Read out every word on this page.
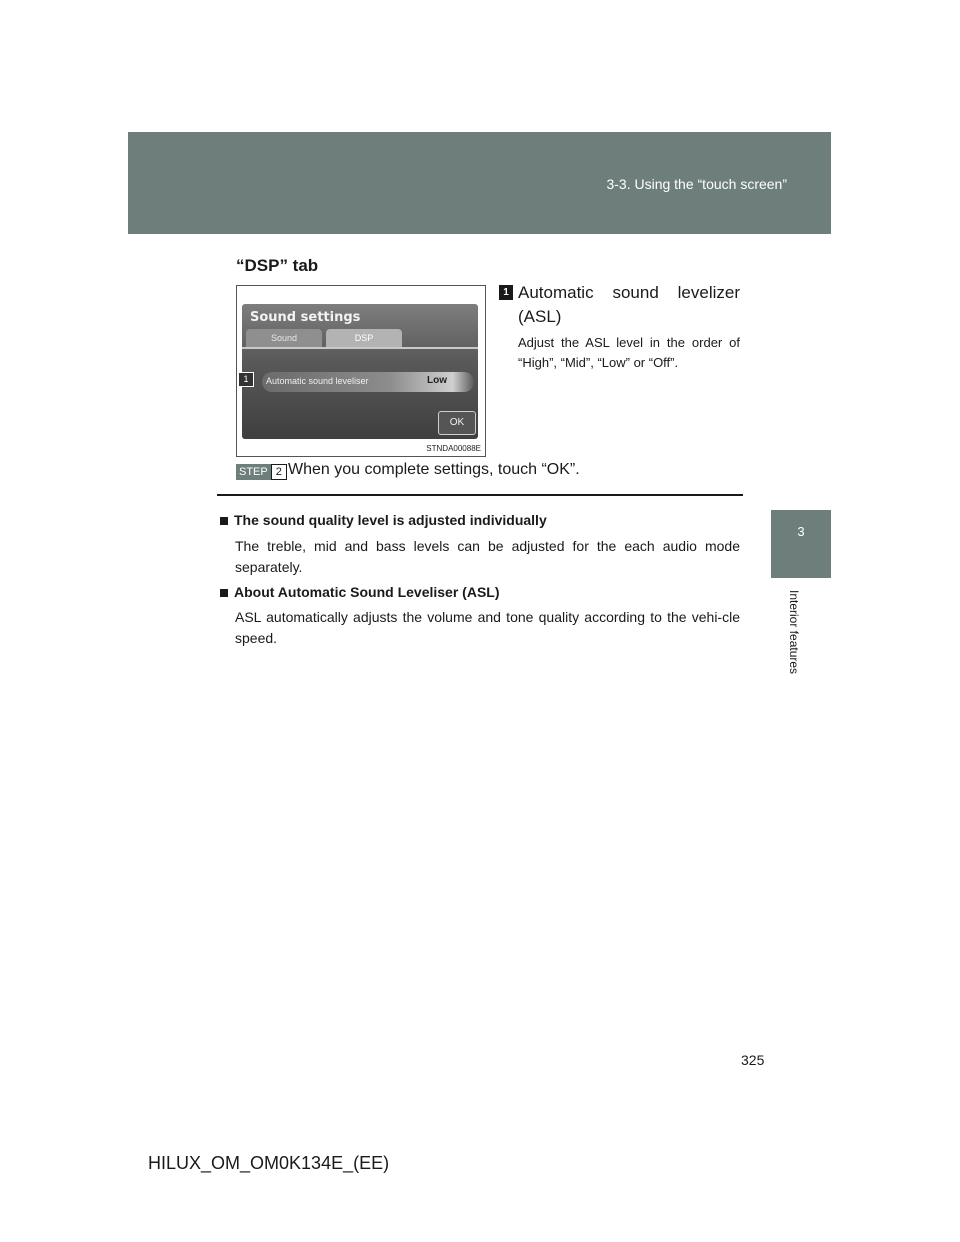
3-3. Using the “touch screen”
3
Interior features
“DSP” tab
Sound settings
Sound	DSP
Automatic sound leveliser	Low
OK
1
STNDA00088E
1 Automatic sound levelizer
(ASL)
Adjust the ASL level in the order of “High”, “Mid”, “Low” or “Off”.
STEP 2 When you complete settings, touch “OK”.
The sound quality level is adjusted individually
The treble, mid and bass levels can be adjusted for the each audio mode separately.
About Automatic Sound Leveliser (ASL)
ASL automatically adjusts the volume and tone quality according to the vehi-cle speed.
325
HILUX_OM_OM0K134E_(EE)
